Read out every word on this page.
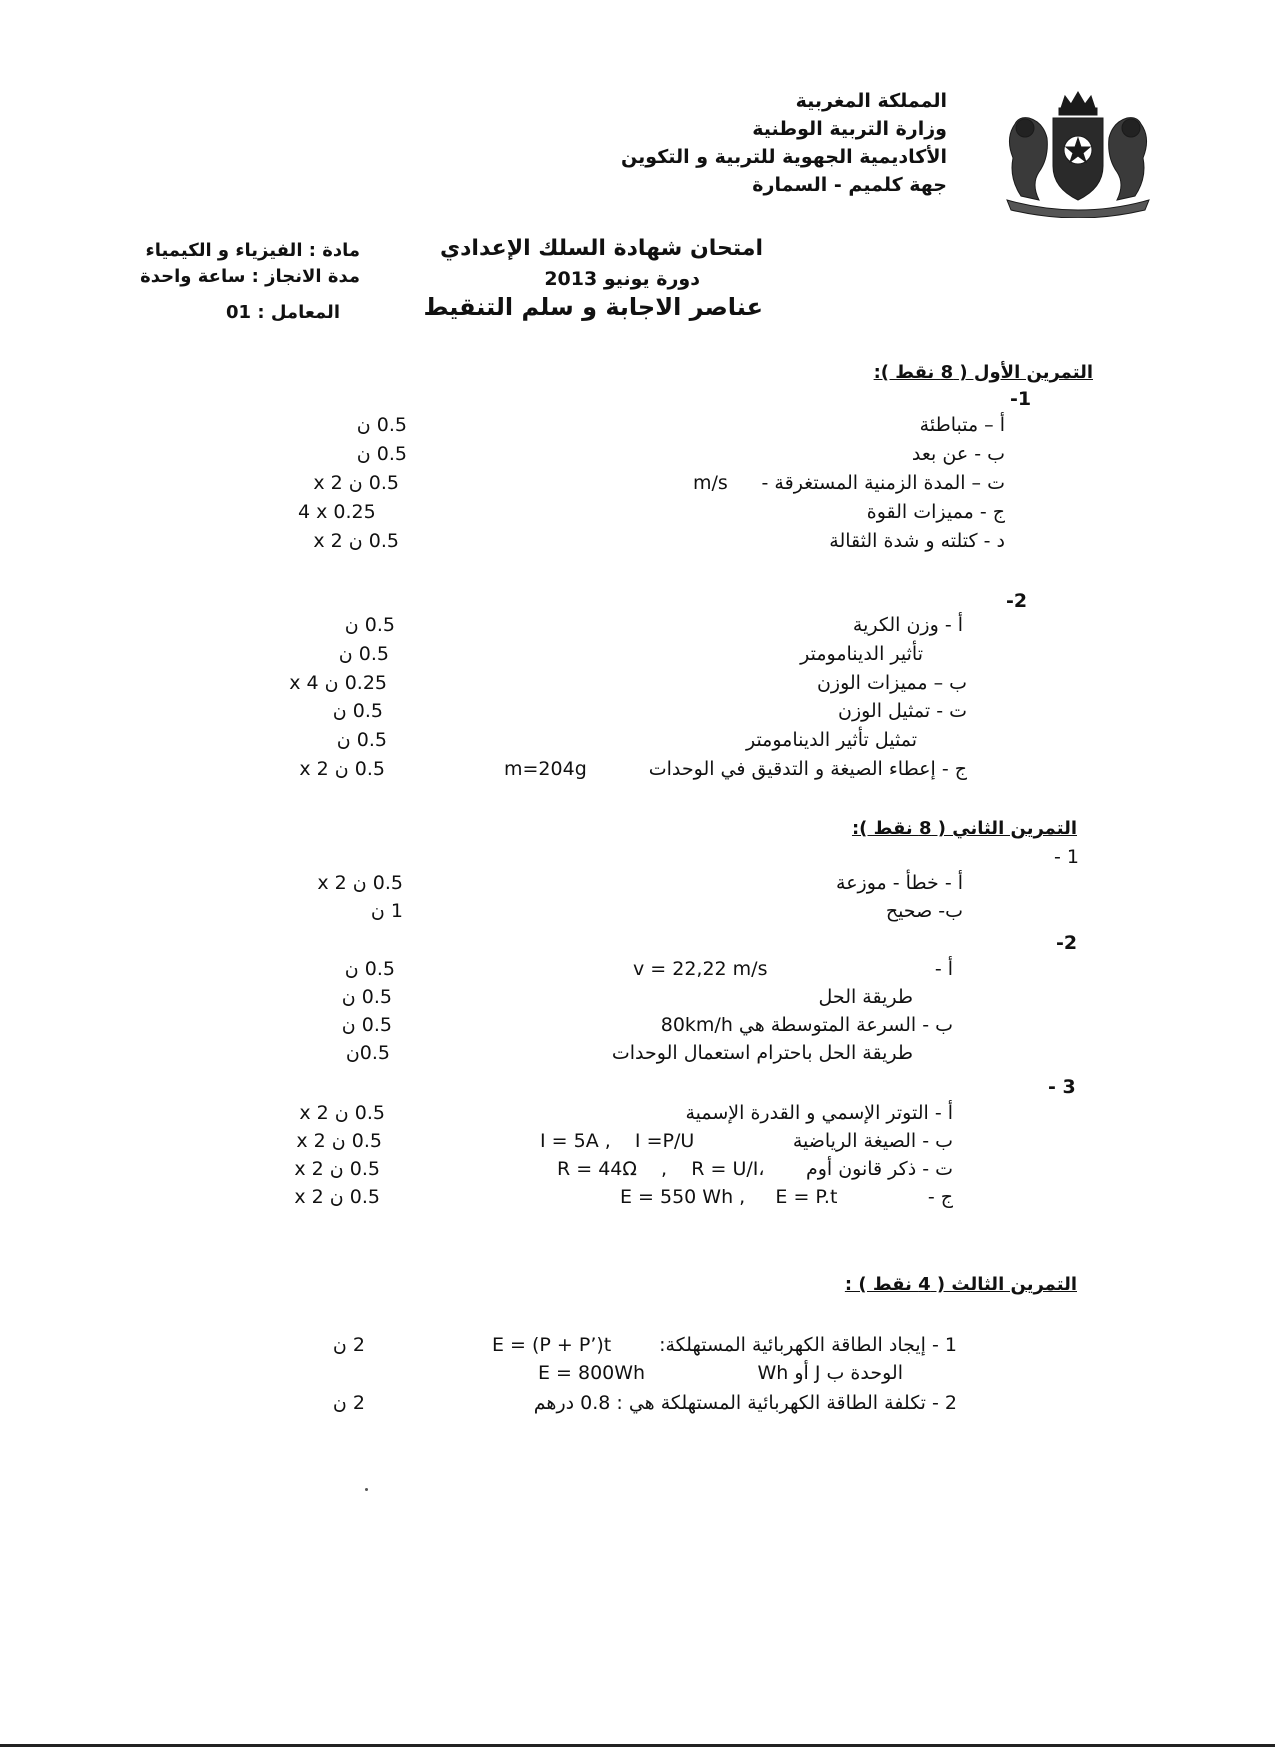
المملكة المغربية
وزارة التربية الوطنية
الأكاديمية الجهوية للتربية و التكوين
جهة كلميم - السمارة
امتحان شهادة السلك الإعدادي
دورة يونيو 2013
عناصر الاجابة و سلم التنقيط
مادة : الفيزياء و الكيمياء
مدة الانجاز : ساعة واحدة
المعامل
01 :
التمرين الأول ( 8 نقط ):
-1
أ – متباطئة
0.5 ن
ب - عن بعد
0.5 ن
ت – المدة الزمنية المستغرقة -
m/s
0.5 ن x 2
ج - مميزات القوة
4 x 0.25
د - كتلته و شدة الثقالة
0.5 ن x 2
-2
أ - وزن الكرية
0.5 ن
تأثير الدينامومتر
0.5 ن
ب – مميزات الوزن
0.25 ن x 4
ت - تمثيل الوزن
0.5 ن
تمثيل تأثير الدينامومتر
0.5 ن
ج - إعطاء الصيغة و التدقيق في الوحدات
m=204g
0.5 ن x 2
التمرين الثاني ( 8 نقط ):
- 1
أ - خطأ - موزعة
0.5 ن x 2
ب- صحيح
1 ن
-2
أ -
v = 22,22 m/s
0.5 ن
طريقة الحل
0.5 ن
ب - السرعة المتوسطة هي 80km/h
0.5 ن
طريقة الحل باحترام استعمال الوحدات
0.5ن
- 3
أ - التوتر الإسمي و القدرة الإسمية
0.5 ن x 2
ب - الصيغة الرياضية
I = 5A ,    I =P/U
0.5 ن x 2
ت - ذكر قانون أوم
R = 44Ω    ,    R = U/I،
0.5 ن x 2
ج -
E = 550 Wh ,     E = P.t
0.5 ن x 2
التمرين الثالث ( 4 نقط ) :
1 - إيجاد الطاقة الكهربائية المستهلكة:
E = (P + P’)t
2 ن
الوحدة ب J أو Wh
E = 800Wh
2 - تكلفة الطاقة الكهربائية المستهلكة هي : 0.8 درهم
2 ن
